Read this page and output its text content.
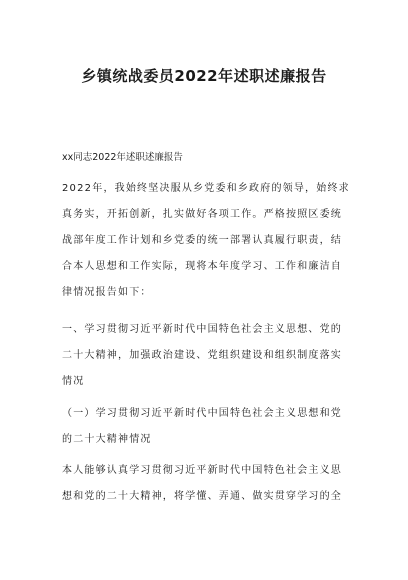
乡镇统战委员2022年述职述廉报告
xx同志2022年述职述廉报告
2022年，我始终坚决服从乡党委和乡政府的领导，始终求
真务实，开拓创新，扎实做好各项工作。严格按照区委统
战部年度工作计划和乡党委的统一部署认真履行职责，结
合本人思想和工作实际，现将本年度学习、工作和廉洁自
律情况报告如下：
一、学习贯彻习近平新时代中国特色社会主义思想、党的
二十大精神，加强政治建设、党组织建设和组织制度落实
情况
（一）学习贯彻习近平新时代中国特色社会主义思想和党
的二十大精神情况
本人能够认真学习贯彻习近平新时代中国特色社会主义思
想和党的二十大精神，将学懂、弄通、做实贯穿学习的全
